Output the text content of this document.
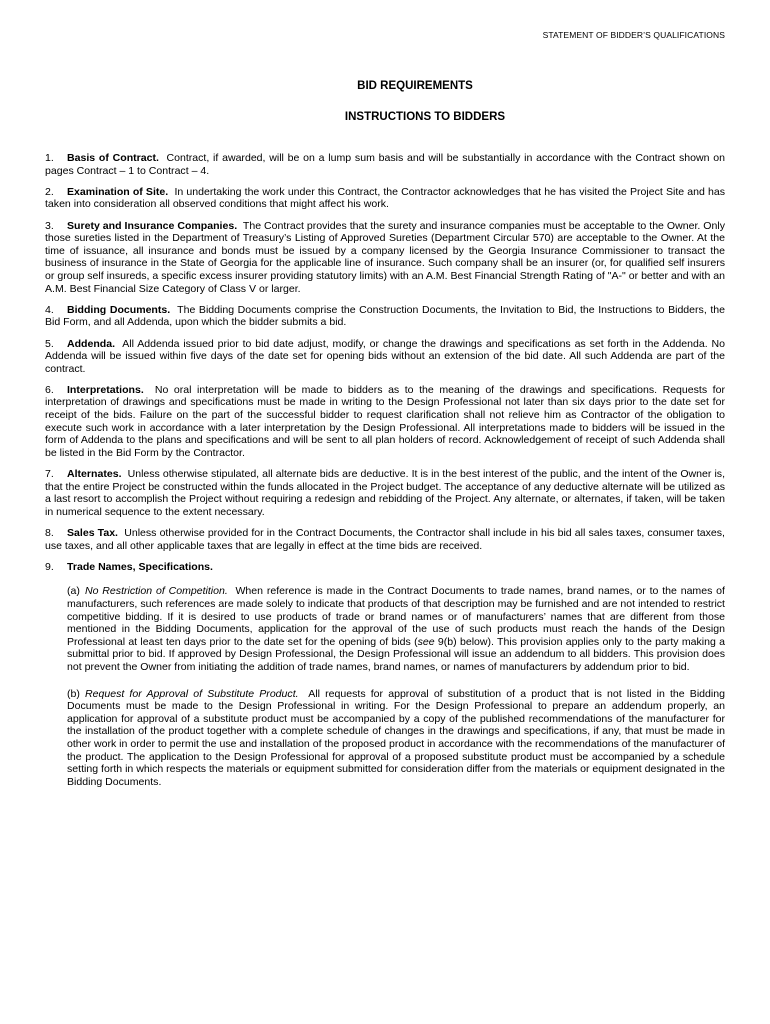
STATEMENT OF BIDDER’S QUALIFICATIONS
BID REQUIREMENTS
INSTRUCTIONS TO BIDDERS

1. Basis of Contract. Contract, if awarded, will be on a lump sum basis and will be substantially in accordance with the Contract shown on pages Contract – 1 to Contract – 4.

2. Examination of Site. In undertaking the work under this Contract, the Contractor acknowledges that he has visited the Project Site and has taken into consideration all observed conditions that might affect his work.

3. Surety and Insurance Companies. The Contract provides that the surety and insurance companies must be acceptable to the Owner. Only those sureties listed in the Department of Treasury’s Listing of Approved Sureties (Department Circular 570) are acceptable to the Owner. At the time of issuance, all insurance and bonds must be issued by a company licensed by the Georgia Insurance Commissioner to transact the business of insurance in the State of Georgia for the applicable line of insurance. Such company shall be an insurer (or, for qualified self insurers or group self insureds, a specific excess insurer providing statutory limits) with an A.M. Best Financial Strength Rating of "A-" or better and with an A.M. Best Financial Size Category of Class V or larger.

4. Bidding Documents. The Bidding Documents comprise the Construction Documents, the Invitation to Bid, the Instructions to Bidders, the Bid Form, and all Addenda, upon which the bidder submits a bid.

5. Addenda. All Addenda issued prior to bid date adjust, modify, or change the drawings and specifications as set forth in the Addenda. No Addenda will be issued within five days of the date set for opening bids without an extension of the bid date. All such Addenda are part of the contract.

6. Interpretations. No oral interpretation will be made to bidders as to the meaning of the drawings and specifications. Requests for interpretation of drawings and specifications must be made in writing to the Design Professional not later than six days prior to the date set for receipt of the bids. Failure on the part of the successful bidder to request clarification shall not relieve him as Contractor of the obligation to execute such work in accordance with a later interpretation by the Design Professional. All interpretations made to bidders will be issued in the form of Addenda to the plans and specifications and will be sent to all plan holders of record. Acknowledgement of receipt of such Addenda shall be listed in the Bid Form by the Contractor.

7. Alternates. Unless otherwise stipulated, all alternate bids are deductive. It is in the best interest of the public, and the intent of the Owner is, that the entire Project be constructed within the funds allocated in the Project budget. The acceptance of any deductive alternate will be utilized as a last resort to accomplish the Project without requiring a redesign and rebidding of the Project. Any alternate, or alternates, if taken, will be taken in numerical sequence to the extent necessary.

8. Sales Tax. Unless otherwise provided for in the Contract Documents, the Contractor shall include in his bid all sales taxes, consumer taxes, use taxes, and all other applicable taxes that are legally in effect at the time bids are received.

9. Trade Names, Specifications.

(a) No Restriction of Competition. When reference is made in the Contract Documents to trade names, brand names, or to the names of manufacturers, such references are made solely to indicate that products of that description may be furnished and are not intended to restrict competitive bidding. If it is desired to use products of trade or brand names or of manufacturers’ names that are different from those mentioned in the Bidding Documents, application for the approval of the use of such products must reach the hands of the Design Professional at least ten days prior to the date set for the opening of bids (see 9(b) below). This provision applies only to the party making a submittal prior to bid. If approved by Design Professional, the Design Professional will issue an addendum to all bidders. This provision does not prevent the Owner from initiating the addition of trade names, brand names, or names of manufacturers by addendum prior to bid.

(b) Request for Approval of Substitute Product. All requests for approval of substitution of a product that is not listed in the Bidding Documents must be made to the Design Professional in writing. For the Design Professional to prepare an addendum properly, an application for approval of a substitute product must be accompanied by a copy of the published recommendations of the manufacturer for the installation of the product together with a complete schedule of changes in the drawings and specifications, if any, that must be made in other work in order to permit the use and installation of the proposed product in accordance with the recommendations of the manufacturer of the product. The application to the Design Professional for approval of a proposed substitute product must be accompanied by a schedule setting forth in which respects the materials or equipment submitted for consideration differ from the materials or equipment designated in the Bidding Documents.
